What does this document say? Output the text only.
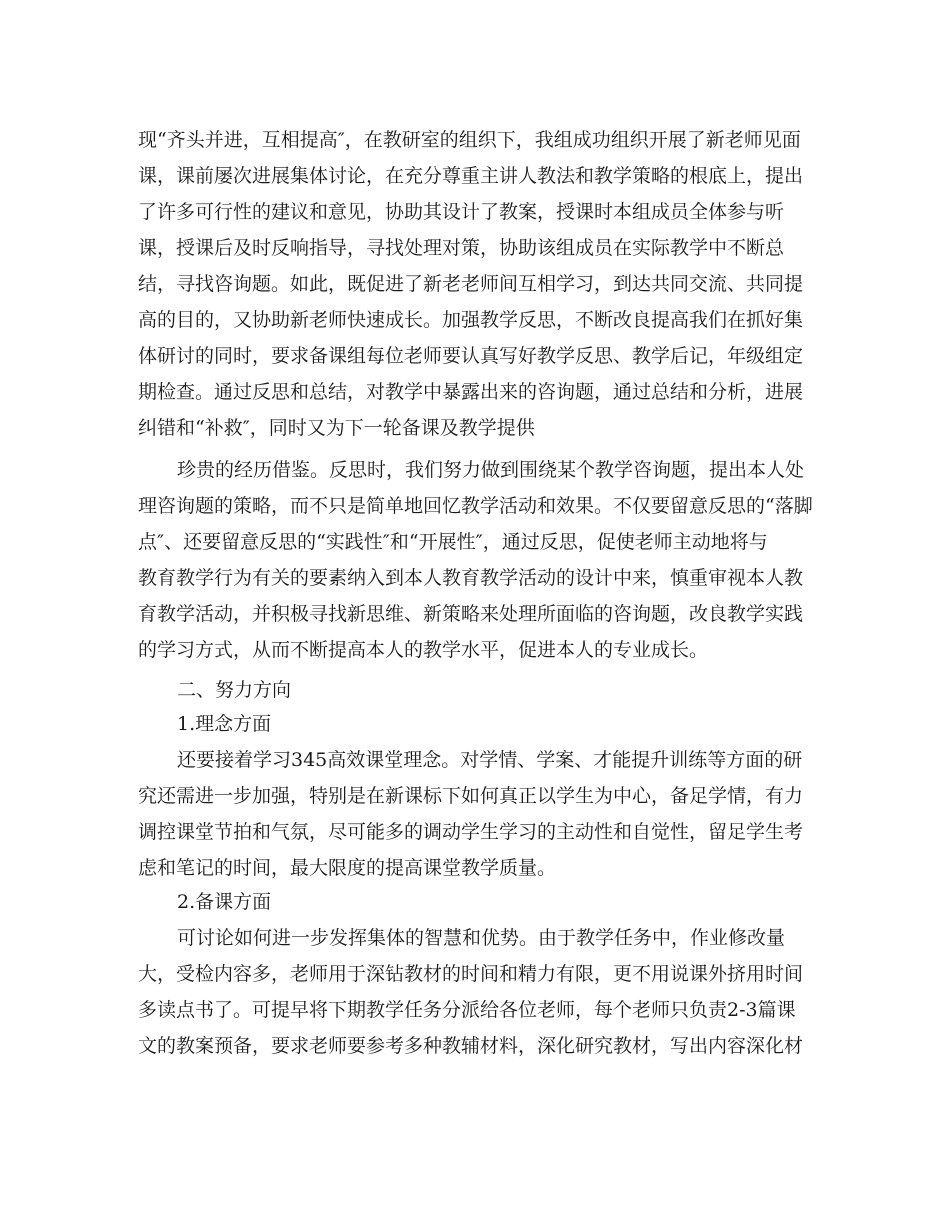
现“齐头并进，互相提高″，在教研室的组织下，我组成功组织开展了新老师见面
课，课前屡次进展集体讨论，在充分尊重主讲人教法和教学策略的根底上，提出
了许多可行性的建议和意见，协助其设计了教案，授课时本组成员全体参与听
课，授课后及时反响指导，寻找处理对策，协助该组成员在实际教学中不断总
结，寻找咨询题。如此，既促进了新老老师间互相学习，到达共同交流、共同提
高的目的，又协助新老师快速成长。加强教学反思，不断改良提高我们在抓好集
体研讨的同时，要求备课组每位老师要认真写好教学反思、教学后记，年级组定
期检查。通过反思和总结，对教学中暴露出来的咨询题，通过总结和分析，进展
纠错和“补救″，同时又为下一轮备课及教学提供
珍贵的经历借鉴。反思时，我们努力做到围绕某个教学咨询题，提出本人处
理咨询题的策略，而不只是简单地回忆教学活动和效果。不仅要留意反思的“落脚
点″、还要留意反思的“实践性″和“开展性″，通过反思，促使老师主动地将与
教育教学行为有关的要素纳入到本人教育教学活动的设计中来，慎重审视本人教
育教学活动，并积极寻找新思维、新策略来处理所面临的咨询题，改良教学实践
的学习方式，从而不断提高本人的教学水平，促进本人的专业成长。
二、努力方向
1.理念方面
还要接着学习345高效课堂理念。对学情、学案、才能提升训练等方面的研
究还需进一步加强，特别是在新课标下如何真正以学生为中心，备足学情，有力
调控课堂节拍和气氛，尽可能多的调动学生学习的主动性和自觉性，留足学生考
虑和笔记的时间，最大限度的提高课堂教学质量。
2.备课方面
可讨论如何进一步发挥集体的智慧和优势。由于教学任务中，作业修改量
大，受检内容多，老师用于深钻教材的时间和精力有限，更不用说课外挤用时间
多读点书了。可提早将下期教学任务分派给各位老师，每个老师只负责2-3篇课
文的教案预备，要求老师要参考多种教辅材料，深化研究教材，写出内容深化材
